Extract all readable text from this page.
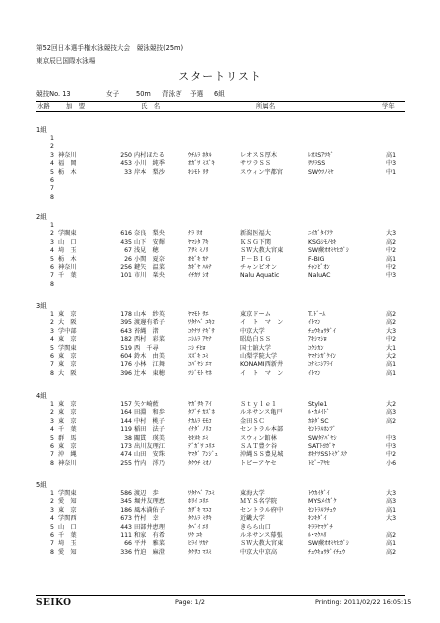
第52回日本選手権水泳競技大会　競泳競技(25m)
東京辰巳国際水泳場
スタートリスト
競技No. 13	女子	50m 背泳ぎ 予選 6組
水路	加　盟	氏　名	所属名	学年
1組
1
2
3 神奈川	250 内村ほたる	ｳﾁﾑﾗ ﾎﾀﾙ	レオスＳ厚木	ﾚｵｽSｱﾂｷﾞ	高1
4 福　岡	453 小川　純季	ｵｶﾞﾜ ﾐｽﾞｷ	サワラＳＳ	ｻﾜﾗSS	中3
5 栃　木	33 岸本　梨沙	ｷｼﾓﾄ ﾘｻ	スウィン宇都宮	SWｳﾂﾉﾐﾔ	中1
6
7
8
2組
1
2 学閥東	616 奈良　梨央	ﾅﾗ ﾘｵ	新潟医福大	ﾆｲｶﾞﾀｲﾌｸ	大3
3 山　口	435 山下　安輝	ﾔﾏｼﾀ ｱｷ	ＫＳＧ下関	KSGｼﾓﾉｾｷ	高2
4 埼　玉	67 浅見　穂	ｱｻﾐ ﾐﾉﾘ	ＳＷ大教大宮東	SW蕨ｵｵﾐﾔﾋｶﾞｼ	中2
5 栃　木	26 小関　夏奈	ｵｾﾞｷ ｶﾅ	Ｆ－ＢＩＧ	F-BIG	高1
6 神奈川	256 鍵矢　温菜	ｶｷﾞﾔ ﾊﾙﾅ	チャンピオン	ﾁｬﾝﾋﾟｵﾝ	中2
7 千　葉	101 市川　栞央	ｲﾁｶﾜ ｼｵ	Nalu Aquatic	NaluAC	中3
8
3組
1 東　京	178 山本　紗英	ﾔﾏﾓﾄ ｻｴ	東京ドーム	T.ﾄﾞｰﾑ	高2
2 大　阪	395 渡邊有希子	ﾜﾀﾅﾍﾞ ﾕｷｺ	イ　ト　マ　ン	ｲﾄﾏﾝ	高2
3 学中部	643 苔縄　渚	ｺｹﾅﾜ ﾅｷﾞｻ	中京大学	ﾁｭｳｷｮｳﾀﾞｲ	大3
4 東　京	182 西村　彩菜	ﾆｼﾑﾗ ｱﾔﾅ	昭島白ＳＳ	ｱｷｼﾏｼﾛ	中2
5 学関東	519 西　千尋	ﾆｼ ﾁﾋﾛ	国士舘大学	ｺｸｼｶﾝ	大1
6 東　京	604 鈴木　由美	ｽｽﾞｷ ﾕﾐ	山梨学院大学	ﾔﾏﾅｼｶﾞｸｲﾝ	大2
7 東　京	176 小林　江舞	ｺﾊﾞﾔｼ ｴﾏ	KONAMI西新井	ｺﾅﾐﾆｼｱﾗｲ	高1
8 大　阪	396 辻本　東穂	ﾂｼﾞﾓﾄ ﾔﾎ	イ　ト　マ　ン	ｲﾄﾏﾝ	高1
4組
1 東　京	157 矢ケ崎藍	ﾔｶﾞｻｷ ｱｲ	Ｓｔｙｌｅ１	Style1	大2
2 東　京	164 田淵　和歩	ﾀﾌﾞﾁ ｶｽﾞﾎ	ルネサンス亀戸	ﾙ･ｶﾒｲﾄﾞ	高3
3 東　京	144 中村　桃子	ﾅｶﾑﾗ ﾓﾓｺ	金田ＳＣ	ｶﾈﾀﾞSC	高2
4 千　葉	119 稲田　法子	ｲﾅﾀﾞ ﾉﾘｺ	セントラル本部	ｾﾝﾄﾗﾙﾎﾝﾌﾞ
5 群　馬	38 關貫　瑛美	ｾｷﾇｷ ｴﾐ	スウィン館林	SWﾀﾃﾊﾞﾔｼ	中3
6 東　京	173 出川友理江	ﾃﾞｶﾞﾜ ﾕﾘｴ	ＳＡＴ豊ケ谷	SATﾄﾖｶﾞﾔ	中3
7 沖　縄	474 山田　安珠	ﾔﾏﾀﾞ ｱﾝｼﾞｭ	沖縄ＳＳ豊見城	ｵｷﾅﾜSSﾄﾐｸﾞｽｸ	中2
8 神奈川	255 竹内　澪乃	ﾀｹｳﾁ ﾐｵﾉ	トピーアヤセ	ﾄﾋﾟｰｱﾔｾ	小6
5組
1 学関東	586 渡辺　歩	ﾜﾀﾅﾍﾞ ｱﾕﾐ	東海大学	ﾄｳｶｲﾀﾞｲ	大3
2 愛　知	345 堀井友理恵	ﾎﾘｲ ﾕﾘｴ	ＭＹＳ名学院	MYSﾒｲｶﾞｸ	高3
3 東　京	186 風木満佑子	ｶｻﾞｷ ﾏﾕｺ	セントラル府中	ｾﾝﾄﾗﾙﾌﾁｭｳ	高1
4 学関西	673 竹村　幸	ﾀｹﾑﾗ ﾐｻｷ	近畿大学	ｷﾝｷﾀﾞｲ	大3
5 山　口	443 田部井恵理	ﾀﾍﾞｲ ｴﾘ	きらら山口	ｷﾗﾗﾔﾏｸﾞﾁ
6 千　葉	111 和家　有希	ﾜｹ ﾕｷ	ルネサンス幕張	ﾙ･ﾏｸﾊﾘ	高2
7 埼　玉	66 平井　雅菜	ﾋﾗｲ ﾜｶﾅ	ＳＷ大教大宮東	SW蕨ｵｵﾐﾔﾋｶﾞｼ	高1
8 愛　知	336 竹迫　麻澄	ﾀｹｻｺ ﾏｽﾐ	中京大中京高	ﾁｭｳｷｮｳﾀﾞｲﾁｭｳ	高2
SEIKO	Page: 1/2	Printing: 2011/02/22 16:05:15
